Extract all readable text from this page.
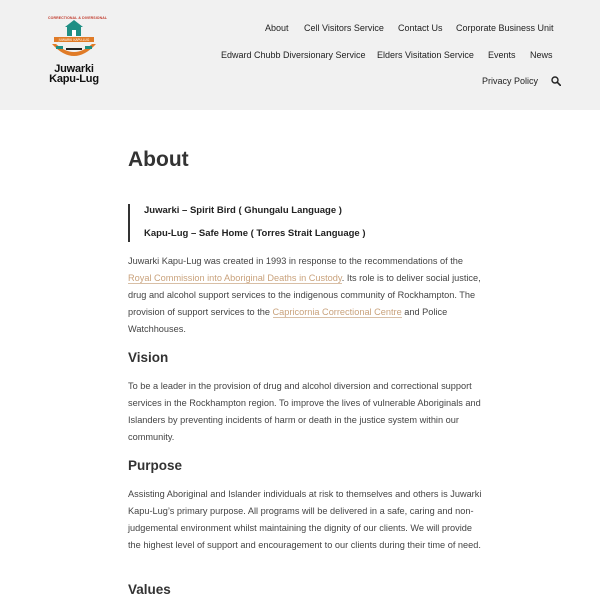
CORRECTIONAL & DIVERSIONAL
JUWARKI KAPU-LUG
Juwarki
Kapu-Lug
About Cell Visitors Service Contact Us Corporate Business Unit
Edward Chubb Diversionary Service Elders Visitation Service Events News
Privacy Policy
About

Juwarki – Spirit Bird ( Ghungalu Language )

Kapu-Lug – Safe Home ( Torres Strait Language )

Juwarki Kapu-Lug was created in 1993 in response to the recommendations of the Royal Commission into Aboriginal Deaths in Custody. Its role is to deliver social justice, drug and alcohol support services to the indigenous community of Rockhampton. The provision of support services to the Capricornia Correctional Centre and Police Watchhouses.

Vision

To be a leader in the provision of drug and alcohol diversion and correctional support services in the Rockhampton region. To improve the lives of vulnerable Aboriginals and Islanders by preventing incidents of harm or death in the justice system within our community.

Purpose

Assisting Aboriginal and Islander individuals at risk to themselves and others is Juwarki Kapu-Lug’s primary purpose. All programs will be delivered in a safe, caring and non-judgemental environment whilst maintaining the dignity of our clients. We will provide the highest level of support and encouragement to our clients during their time of need.

Values
